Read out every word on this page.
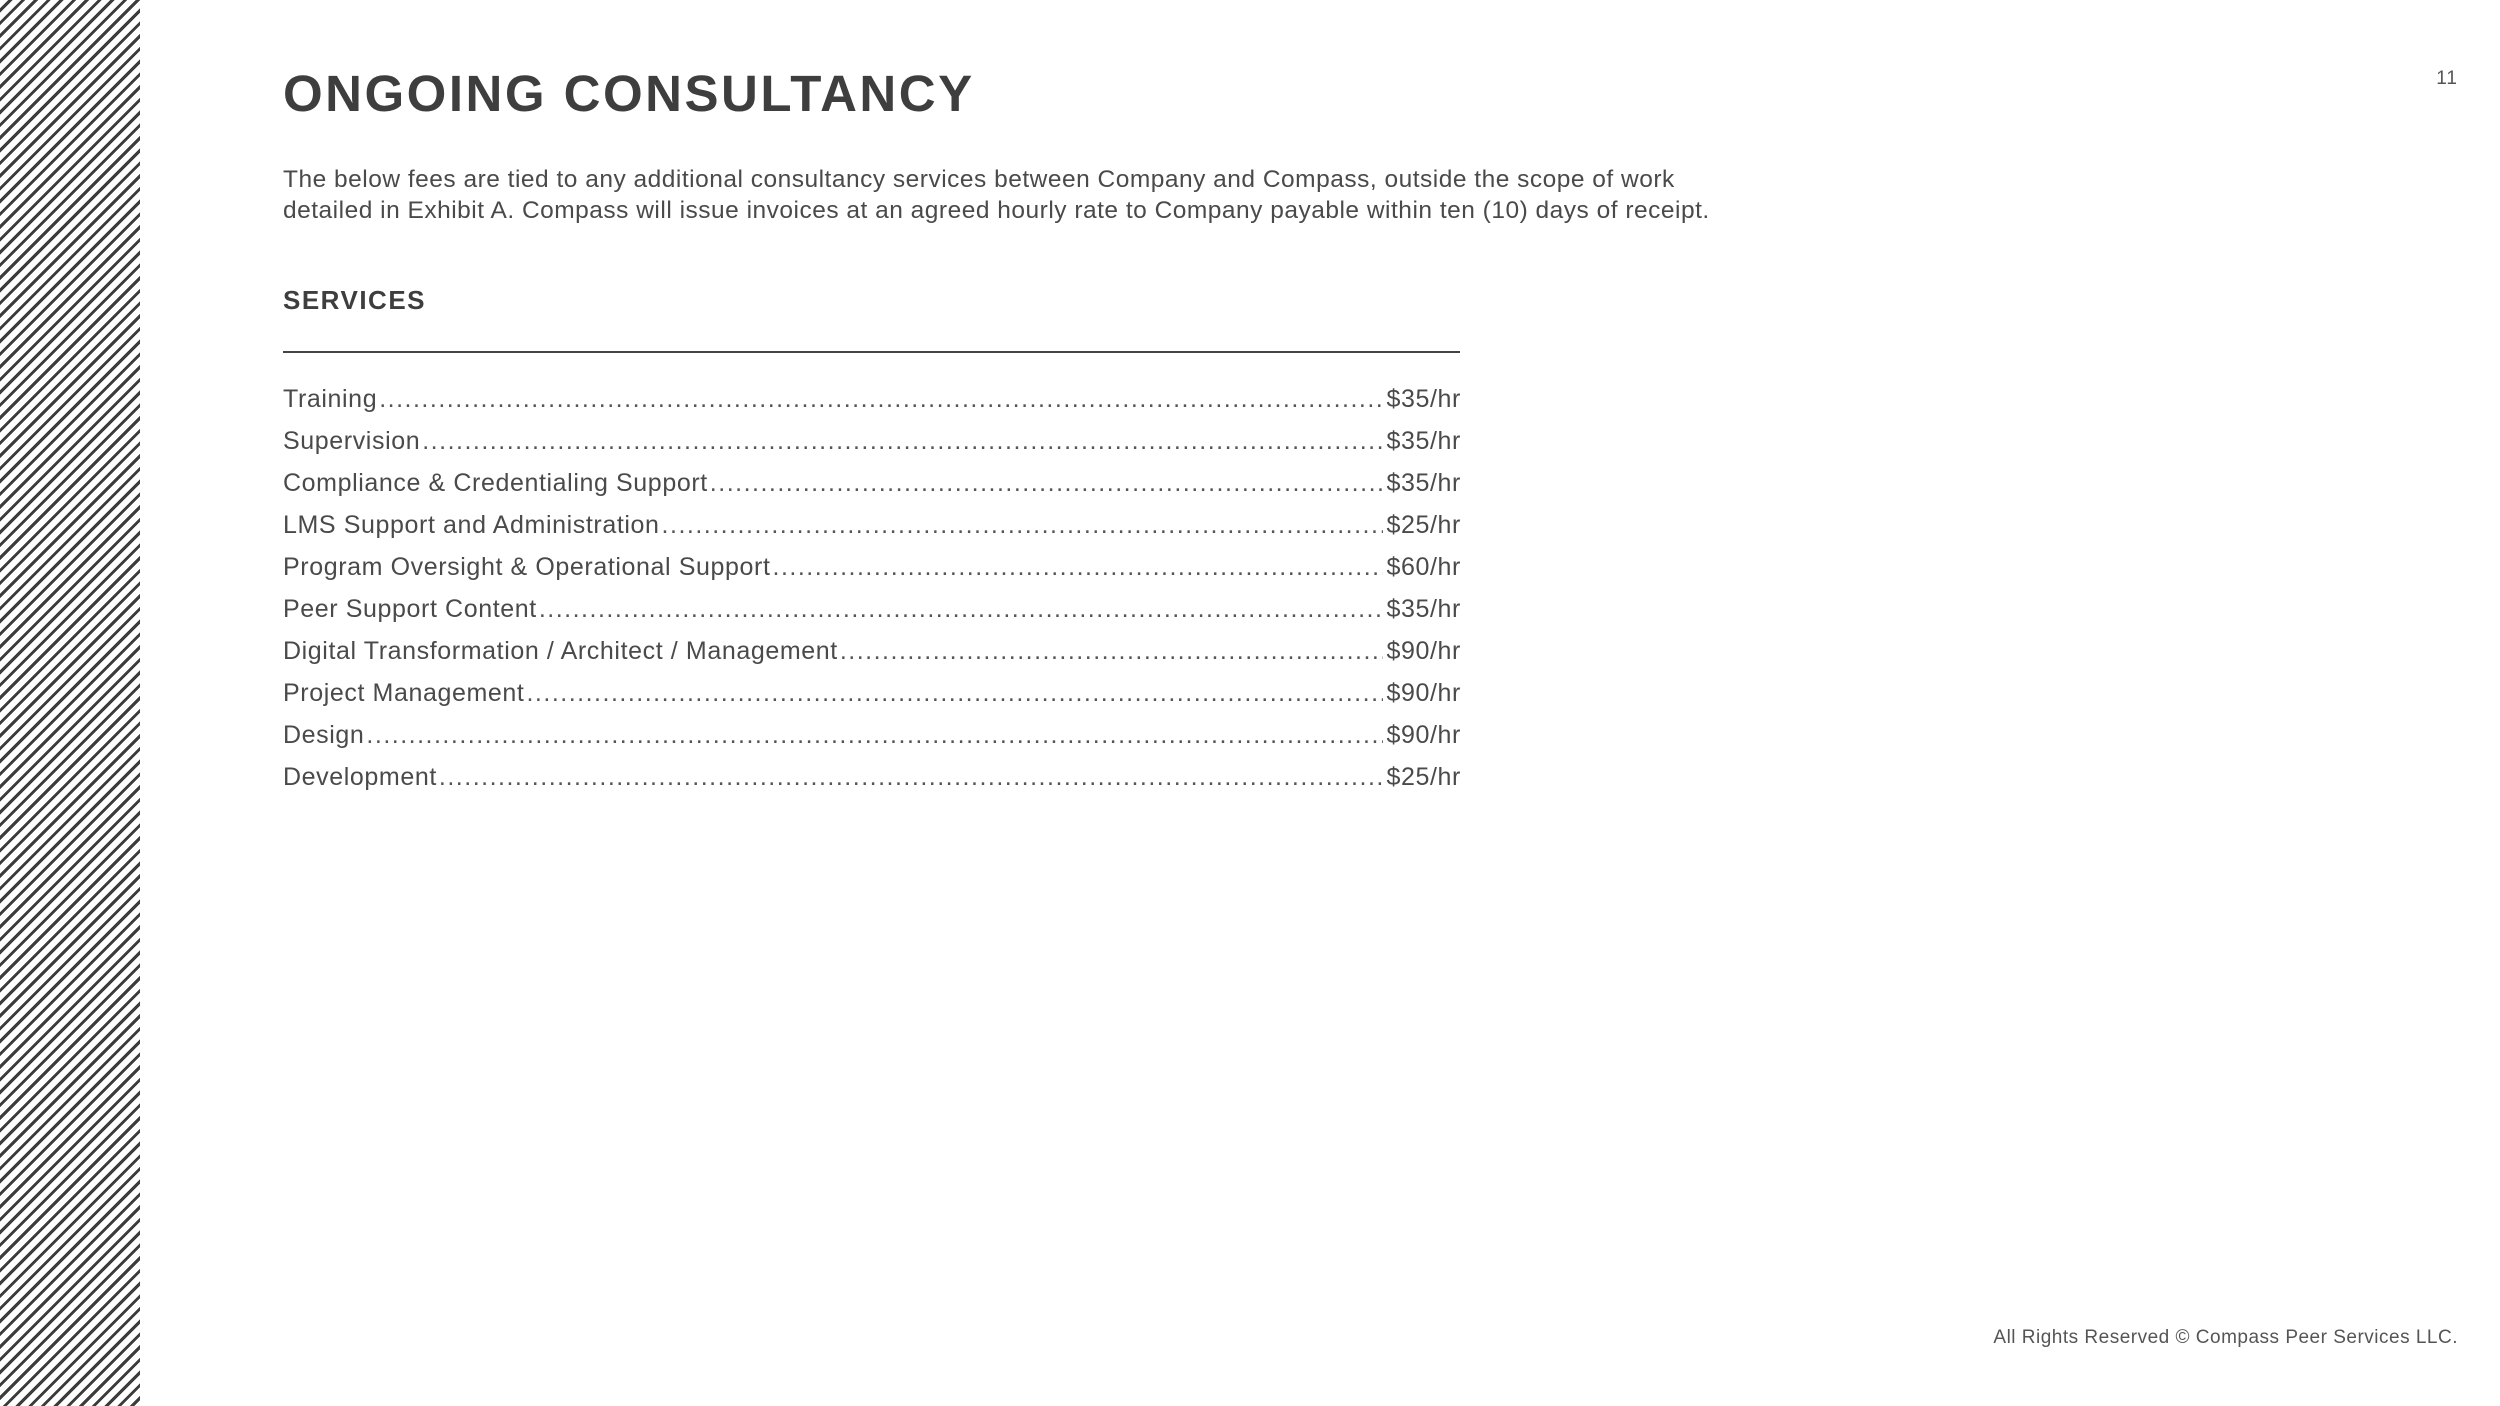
11
ONGOING CONSULTANCY

The below fees are tied to any additional consultancy services between Company and Compass, outside the scope of work
detailed in Exhibit A. Compass will issue invoices at an agreed hourly rate to Company payable within ten (10) days of receipt.

SERVICES
Training .....	$35/hr
Supervision .....	$35/hr
Compliance & Credentialing Support .....	$35/hr
LMS Support and Administration .....	$25/hr
Program Oversight & Operational Support .....	$60/hr
Peer Support Content .....	$35/hr
Digital Transformation / Architect / Management .....	$90/hr
Project Management .....	$90/hr
Design .....	$90/hr
Development .....	$25/hr

All Rights Reserved © Compass Peer Services LLC.
